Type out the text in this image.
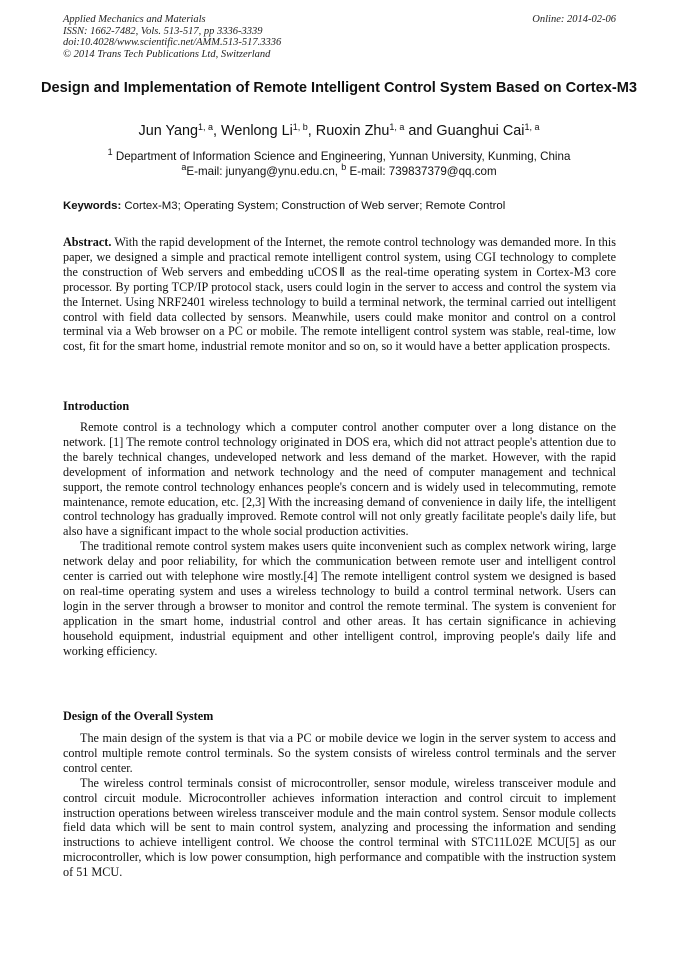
Applied Mechanics and Materials
ISSN: 1662-7482, Vols. 513-517, pp 3336-3339
doi:10.4028/www.scientific.net/AMM.513-517.3336
© 2014 Trans Tech Publications Ltd, Switzerland
Online: 2014-02-06
Design and Implementation of Remote Intelligent Control System Based on Cortex-M3
Jun Yang$^{1, a}$, Wenlong Li$^{1, b}$, Ruoxin Zhu$^{1, a}$ and Guanghui Cai$^{1, a}$
$^1$ Department of Information Science and Engineering, Yunnan University, Kunming, China
$^a$E-mail: junyang@ynu.edu.cn, $^b$ E-mail: 739837379@qq.com
Keywords: Cortex-M3; Operating System; Construction of Web server; Remote Control

Abstract. With the rapid development of the Internet, the remote control technology was demanded more. In this paper, we designed a simple and practical remote intelligent control system, using CGI technology to complete the construction of Web servers and embedding uCOSⅡ as the real-time operating system in Cortex-M3 core processor. By porting TCP/IP protocol stack, users could login in the server to access and control the system via the Internet. Using NRF2401 wireless technology to build a terminal network, the terminal carried out intelligent control with field data collected by sensors. Meanwhile, users could make monitor and control on a control terminal via a Web browser on a PC or mobile. The remote intelligent control system was stable, real-time, low cost, fit for the smart home, industrial remote monitor and so on, so it would have a better application prospects.

Introduction

Remote control is a technology which a computer control another computer over a long distance on the network. [1] The remote control technology originated in DOS era, which did not attract people's attention due to the barely technical changes, undeveloped network and less demand of the market. However, with the rapid development of information and network technology and the need of computer management and technical support, the remote control technology enhances people's concern and is widely used in telecommuting, remote maintenance, remote education, etc. [2,3] With the increasing demand of convenience in daily life, the intelligent control technology has gradually improved. Remote control will not only greatly facilitate people's daily life, but also have a significant impact to the whole social production activities.

The traditional remote control system makes users quite inconvenient such as complex network wiring, large network delay and poor reliability, for which the communication between remote user and intelligent control center is carried out with telephone wire mostly.[4] The remote intelligent control system we designed is based on real-time operating system and uses a wireless technology to build a control terminal network. Users can login in the server through a browser to monitor and control the remote terminal. The system is convenient for application in the smart home, industrial control and other areas. It has certain significance in achieving household equipment, industrial equipment and other intelligent control, improving people's daily life and working efficiency.

Design of the Overall System

The main design of the system is that via a PC or mobile device we login in the server system to access and control multiple remote control terminals. So the system consists of wireless control terminals and the server control center.

The wireless control terminals consist of microcontroller, sensor module, wireless transceiver module and control circuit module. Microcontroller achieves information interaction and control circuit to implement instruction operations between wireless transceiver module and the main control system. Sensor module collects field data which will be sent to main control system, analyzing and processing the information and sending instructions to achieve intelligent control. We choose the control terminal with STC11L02E MCU[5] as our microcontroller, which is low power consumption, high performance and compatible with the instruction system of 51 MCU.
